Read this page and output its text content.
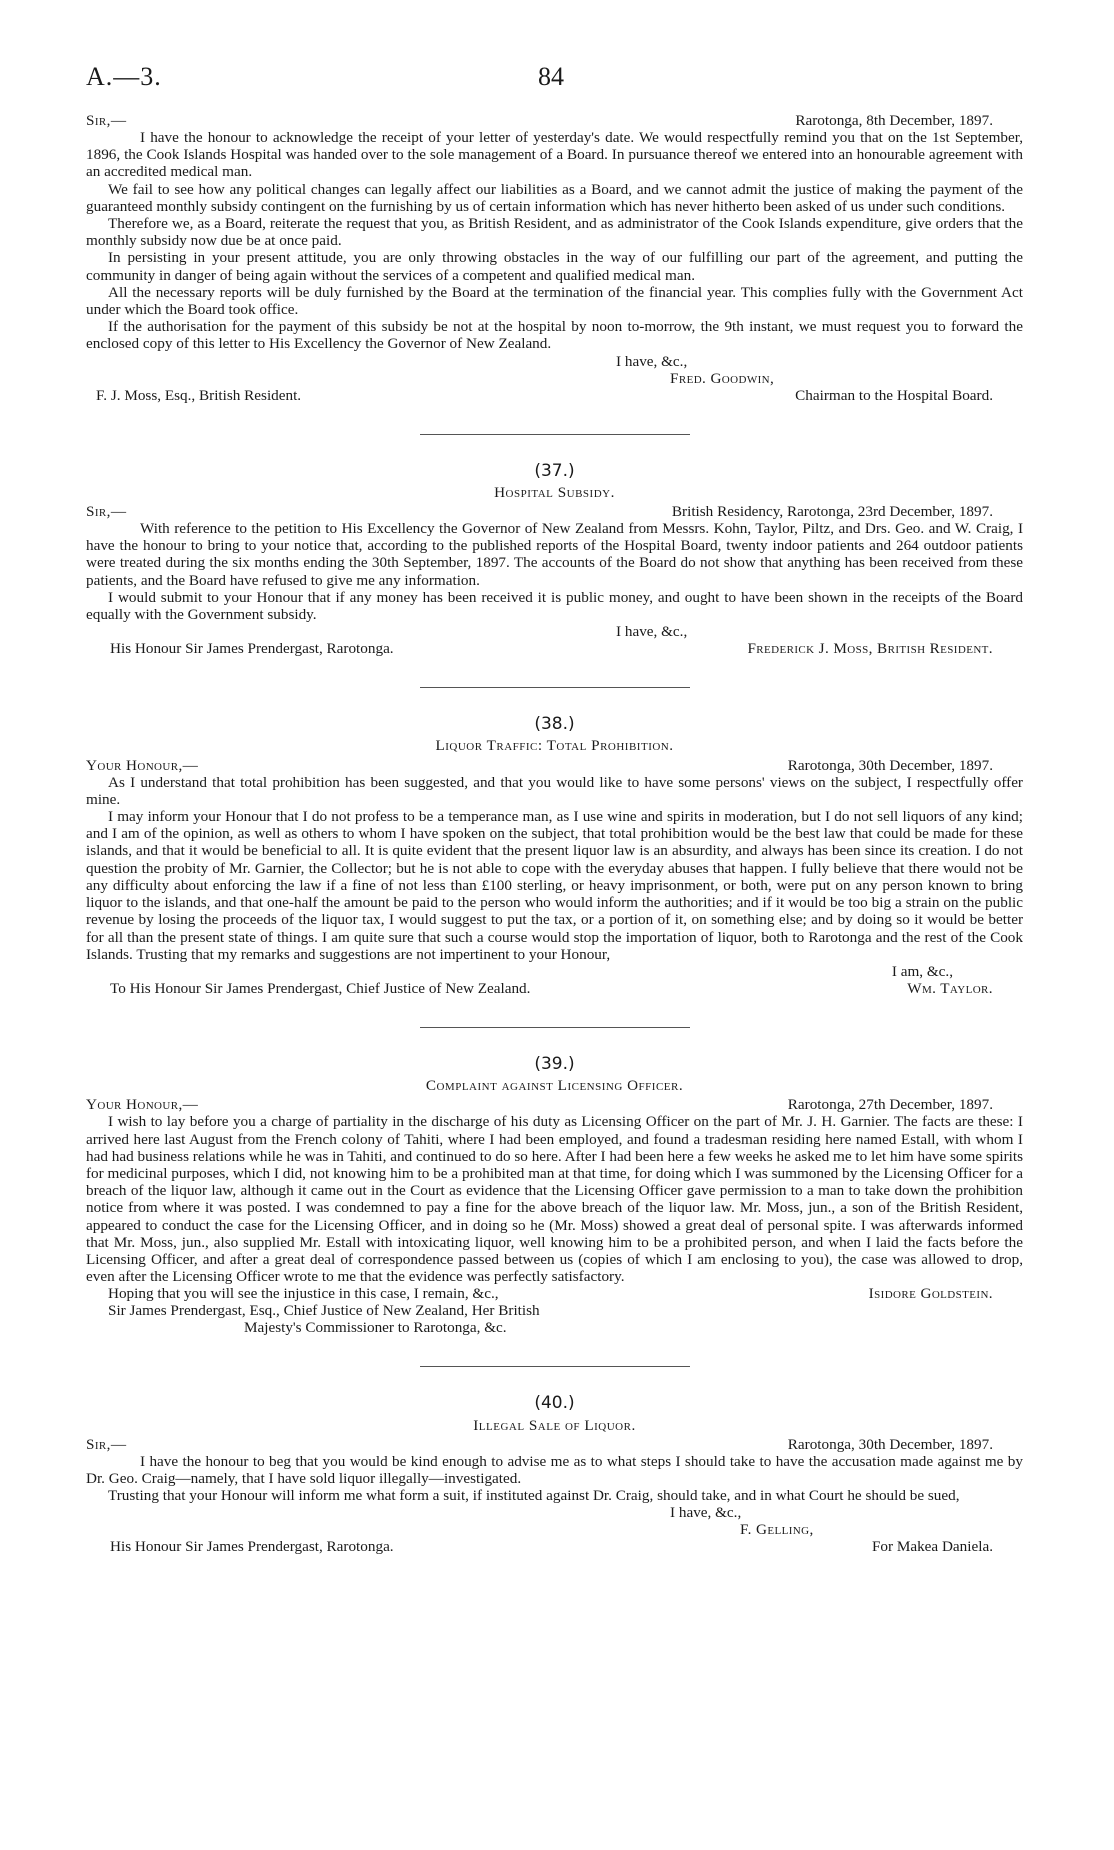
A.—3.	84
Sir,—	Rarotonga, 8th December, 1897.

I have the honour to acknowledge the receipt of your letter of yesterday's date. We would respectfully remind you that on the 1st September, 1896, the Cook Islands Hospital was handed over to the sole management of a Board. In pursuance thereof we entered into an honourable agreement with an accredited medical man.

We fail to see how any political changes can legally affect our liabilities as a Board, and we cannot admit the justice of making the payment of the guaranteed monthly subsidy contingent on the furnishing by us of certain information which has never hitherto been asked of us under such conditions.

Therefore we, as a Board, reiterate the request that you, as British Resident, and as administrator of the Cook Islands expenditure, give orders that the monthly subsidy now due be at once paid.

In persisting in your present attitude, you are only throwing obstacles in the way of our fulfilling our part of the agreement, and putting the community in danger of being again without the services of a competent and qualified medical man.

All the necessary reports will be duly furnished by the Board at the termination of the financial year. This complies fully with the Government Act under which the Board took office.

If the authorisation for the payment of this subsidy be not at the hospital by noon to-morrow, the 9th instant, we must request you to forward the enclosed copy of this letter to His Excellency the Governor of New Zealand.

I have, &c.,
Fred. Goodwin,
F. J. Moss, Esq., British Resident.	Chairman to the Hospital Board.
(37.)
Hospital Subsidy.
Sir,—	British Residency, Rarotonga, 23rd December, 1897.

With reference to the petition to His Excellency the Governor of New Zealand from Messrs. Kohn, Taylor, Piltz, and Drs. Geo. and W. Craig, I have the honour to bring to your notice that, according to the published reports of the Hospital Board, twenty indoor patients and 264 outdoor patients were treated during the six months ending the 30th September, 1897. The accounts of the Board do not show that anything has been received from these patients, and the Board have refused to give me any information.

I would submit to your Honour that if any money has been received it is public money, and ought to have been shown in the receipts of the Board equally with the Government subsidy.

I have, &c.,
His Honour Sir James Prendergast, Rarotonga.	Frederick J. Moss, British Resident.
(38.)
Liquor Traffic: Total Prohibition.
Your Honour,—	Rarotonga, 30th December, 1897.

As I understand that total prohibition has been suggested, and that you would like to have some persons' views on the subject, I respectfully offer mine.

I may inform your Honour that I do not profess to be a temperance man, as I use wine and spirits in moderation, but I do not sell liquors of any kind; and I am of the opinion, as well as others to whom I have spoken on the subject, that total prohibition would be the best law that could be made for these islands, and that it would be beneficial to all. It is quite evident that the present liquor law is an absurdity, and always has been since its creation. I do not question the probity of Mr. Garnier, the Collector; but he is not able to cope with the everyday abuses that happen. I fully believe that there would not be any difficulty about enforcing the law if a fine of not less than £100 sterling, or heavy imprisonment, or both, were put on any person known to bring liquor to the islands, and that one-half the amount be paid to the person who would inform the authorities; and if it would be too big a strain on the public revenue by losing the proceeds of the liquor tax, I would suggest to put the tax, or a portion of it, on something else; and by doing so it would be better for all than the present state of things. I am quite sure that such a course would stop the importation of liquor, both to Rarotonga and the rest of the Cook Islands. Trusting that my remarks and suggestions are not impertinent to your Honour,

I am, &c.,
To His Honour Sir James Prendergast, Chief Justice of New Zealand.	Wm. Taylor.
(39.)
Complaint against Licensing Officer.
Your Honour,—	Rarotonga, 27th December, 1897.

I wish to lay before you a charge of partiality in the discharge of his duty as Licensing Officer on the part of Mr. J. H. Garnier. The facts are these: I arrived here last August from the French colony of Tahiti, where I had been employed, and found a tradesman residing here named Estall, with whom I had had business relations while he was in Tahiti, and continued to do so here. After I had been here a few weeks he asked me to let him have some spirits for medicinal purposes, which I did, not knowing him to be a prohibited man at that time, for doing which I was summoned by the Licensing Officer for a breach of the liquor law, although it came out in the Court as evidence that the Licensing Officer gave permission to a man to take down the prohibition notice from where it was posted. I was condemned to pay a fine for the above breach of the liquor law. Mr. Moss, jun., a son of the British Resident, appeared to conduct the case for the Licensing Officer, and in doing so he (Mr. Moss) showed a great deal of personal spite. I was afterwards informed that Mr. Moss, jun., also supplied Mr. Estall with intoxicating liquor, well knowing him to be a prohibited person, and when I laid the facts before the Licensing Officer, and after a great deal of correspondence passed between us (copies of which I am enclosing to you), the case was allowed to drop, even after the Licensing Officer wrote to me that the evidence was perfectly satisfactory.

Hoping that you will see the injustice in this case, I remain, &c.,	Isidore Goldstein.
Sir James Prendergast, Esq., Chief Justice of New Zealand, Her British
Majesty's Commissioner to Rarotonga, &c.
(40.)
Illegal Sale of Liquor.
Sir,—	Rarotonga, 30th December, 1897.

I have the honour to beg that you would be kind enough to advise me as to what steps I should take to have the accusation made against me by Dr. Geo. Craig—namely, that I have sold liquor illegally—investigated.

Trusting that your Honour will inform me what form a suit, if instituted against Dr. Craig, should take, and in what Court he should be sued,

I have, &c.,
F. Gelling,
His Honour Sir James Prendergast, Rarotonga.	For Makea Daniela.
